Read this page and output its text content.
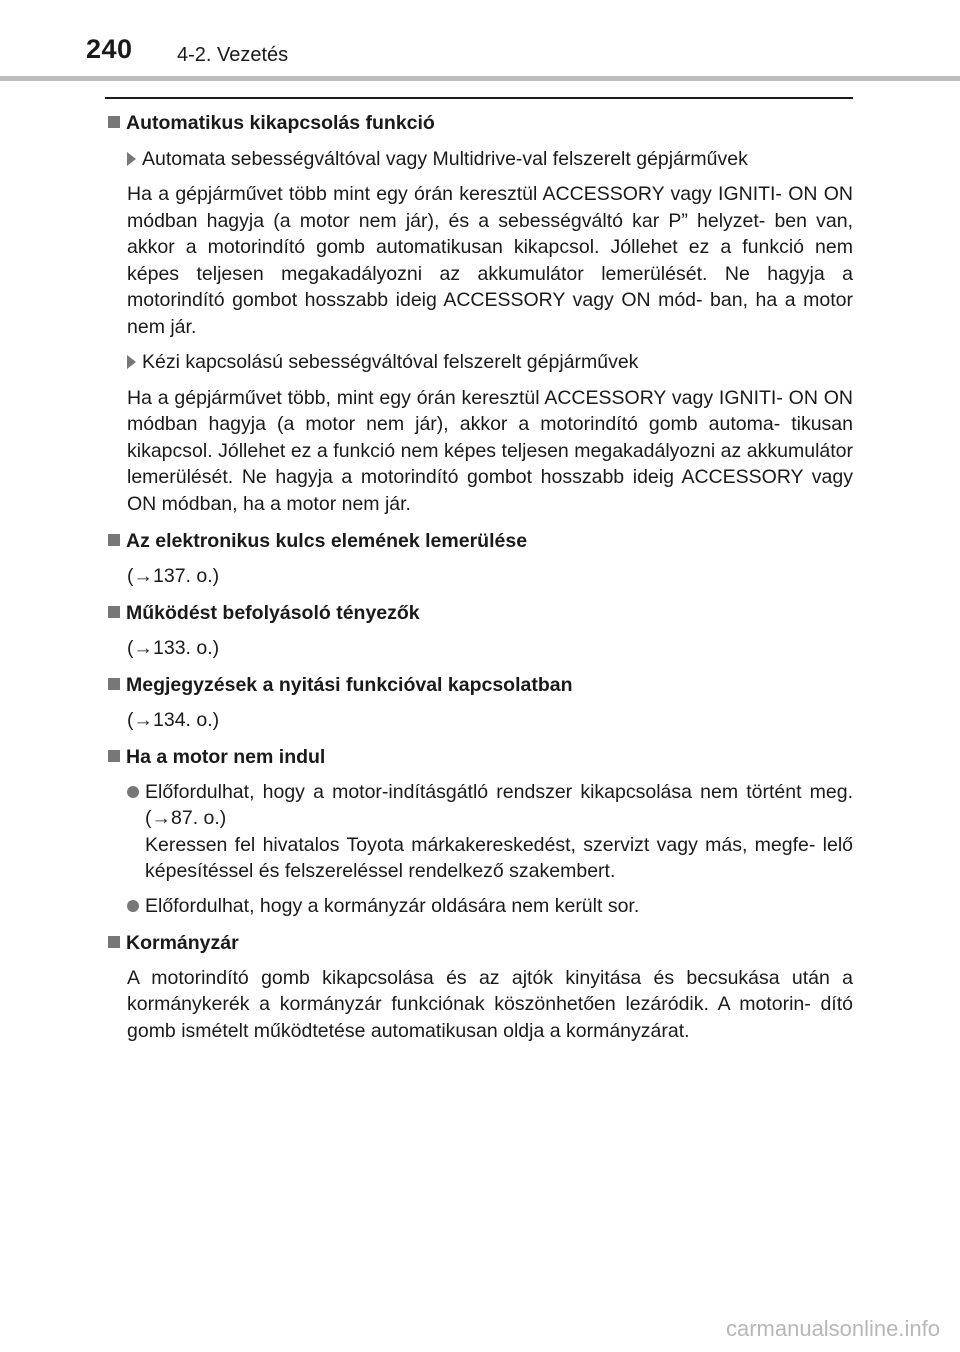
240 4-2. Vezetés
Automatikus kikapcsolás funkció
Automata sebességváltóval vagy Multidrive-val felszerelt gépjárművek
Ha a gépjárművet több mint egy órán keresztül ACCESSORY vagy IGNITI- ON ON módban hagyja (a motor nem jár), és a sebességváltó kar P” helyzet- ben van, akkor a motorindító gomb automatikusan kikapcsol. Jóllehet ez a funkció nem képes teljesen megakadályozni az akkumulátor lemerülését. Ne hagyja a motorindító gombot hosszabb ideig ACCESSORY vagy ON mód- ban, ha a motor nem jár.
Kézi kapcsolású sebességváltóval felszerelt gépjárművek
Ha a gépjárművet több, mint egy órán keresztül ACCESSORY vagy IGNITI- ON ON módban hagyja (a motor nem jár), akkor a motorindító gomb automa- tikusan kikapcsol. Jóllehet ez a funkció nem képes teljesen megakadályozni az akkumulátor lemerülését. Ne hagyja a motorindító gombot hosszabb ideig ACCESSORY vagy ON módban, ha a motor nem jár.
Az elektronikus kulcs elemének lemerülése
(→137. o.)
Működést befolyásoló tényezők
(→133. o.)
Megjegyzések a nyitási funkcióval kapcsolatban
(→134. o.)
Ha a motor nem indul
Előfordulhat, hogy a motor-indításgátló rendszer kikapcsolása nem történt meg. (→87. o.)
Keressen fel hivatalos Toyota márkakereskedést, szervizt vagy más, megfe- lelő képesítéssel és felszereléssel rendelkező szakembert.
Előfordulhat, hogy a kormányzár oldására nem került sor.
Kormányzár
A motorindító gomb kikapcsolása és az ajtók kinyitása és becsukása után a kormánykerék a kormányzár funkciónak köszönhetően lezáródik. A motorin- dító gomb ismételt működtetése automatikusan oldja a kormányzárat.
carmanualsonline.info
